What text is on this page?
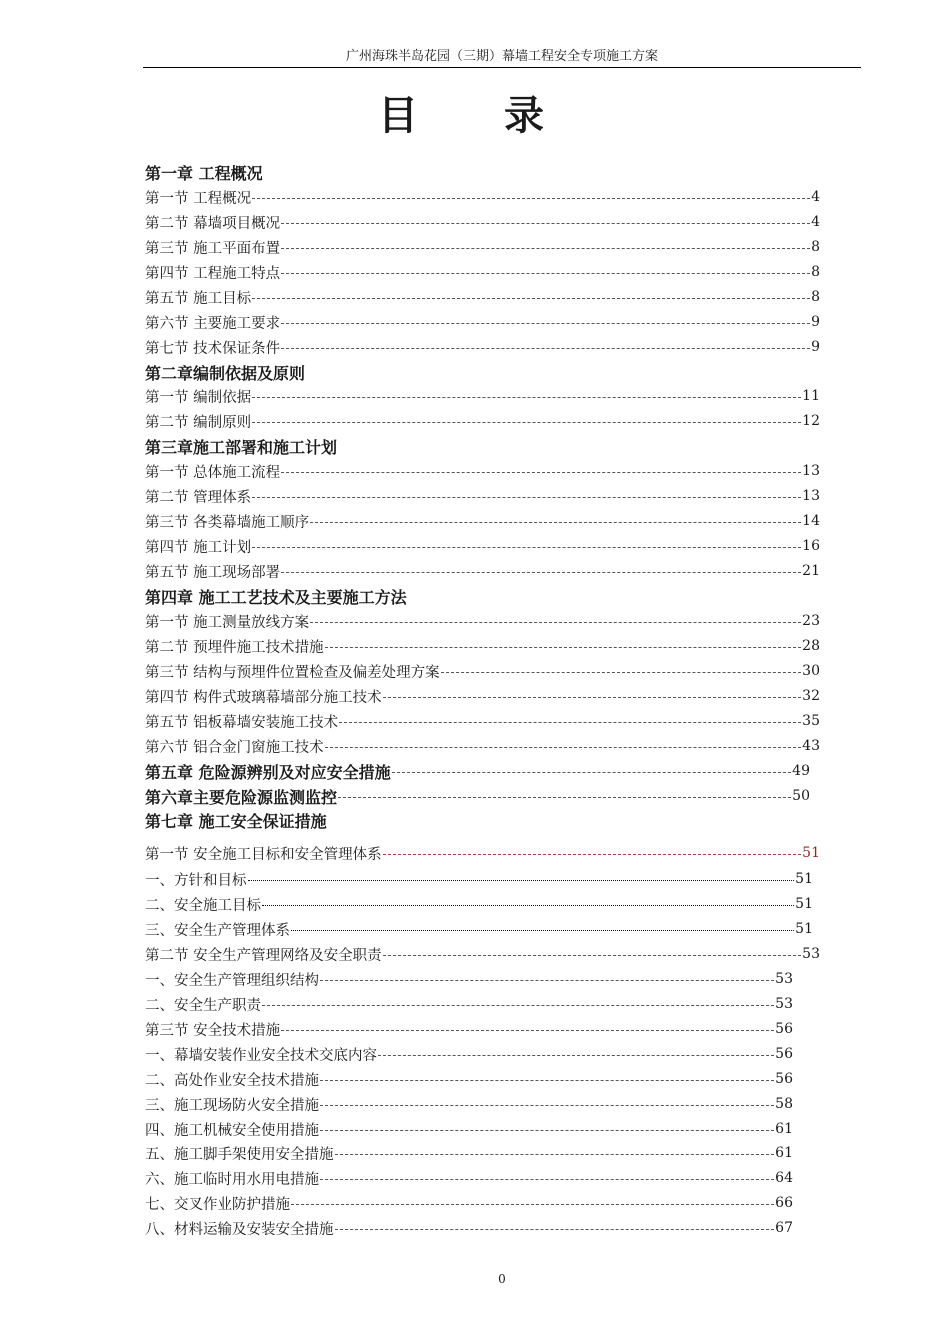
广州海珠半岛花园（三期）幕墙工程安全专项施工方案
目 录
第一章 工程概况
第一节 工程概况	4
第二节 幕墙项目概况	4
第三节 施工平面布置	8
第四节 工程施工特点	8
第五节 施工目标	8
第六节 主要施工要求	9
第七节 技术保证条件	9
第二章编制依据及原则
第一节 编制依据	11
第二节 编制原则	12
第三章施工部署和施工计划
第一节 总体施工流程	13
第二节 管理体系	13
第三节 各类幕墙施工顺序	14
第四节 施工计划	16
第五节 施工现场部署	21
第四章 施工工艺技术及主要施工方法
第一节 施工测量放线方案	23
第二节 预埋件施工技术措施	28
第三节 结构与预埋件位置检查及偏差处理方案	30
第四节 构件式玻璃幕墙部分施工技术	32
第五节 铝板幕墙安装施工技术	35
第六节 铝合金门窗施工技术	43
第五章 危险源辨别及对应安全措施	49
第六章主要危险源监测监控	50
第七章 施工安全保证措施
第一节 安全施工目标和安全管理体系	51
一、方针和目标	51
二、安全施工目标	51
三、安全生产管理体系	51
第二节 安全生产管理网络及安全职责	53
一、安全生产管理组织结构	53
二、安全生产职责	53
第三节 安全技术措施	56
一、幕墙安装作业安全技术交底内容	56
二、高处作业安全技术措施	56
三、施工现场防火安全措施	58
四、施工机械安全使用措施	61
五、施工脚手架使用安全措施	61
六、施工临时用水用电措施	64
七、交叉作业防护措施	66
八、材料运输及安装安全措施	67
0
